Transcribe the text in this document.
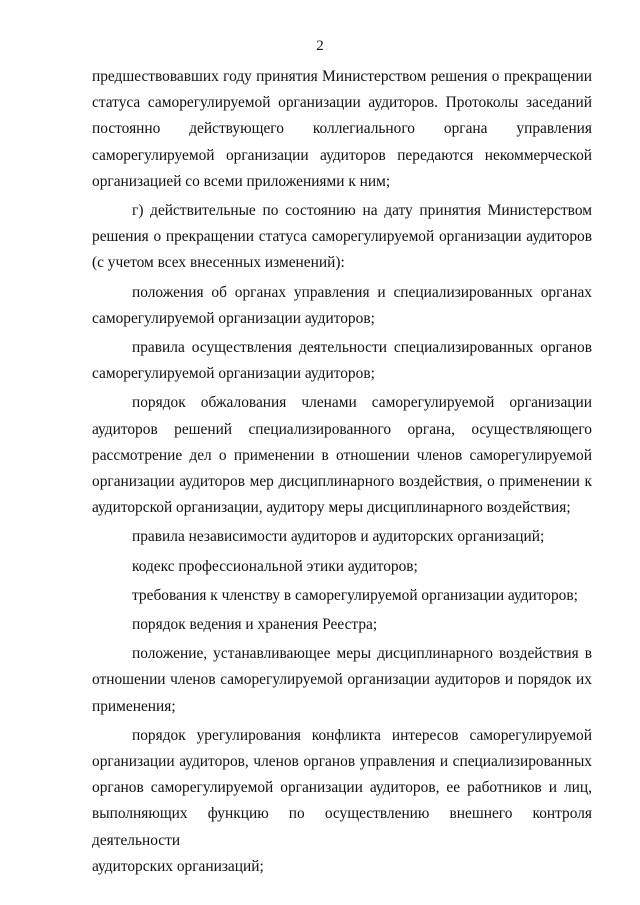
2

предшествовавших году принятия Министерством решения о прекращении

статуса саморегулируемой организации аудиторов. Протоколы заседаний

постоянно действующего коллегиального органа управления

саморегулируемой организации аудиторов передаются некоммерческой

организацией со всеми приложениями к ним;

г) действительные по состоянию на дату принятия Министерством

решения о прекращении статуса саморегулируемой организации аудиторов

(с учетом всех внесенных изменений):

положения об органах управления и специализированных органах

саморегулируемой организации аудиторов;

правила осуществления деятельности специализированных органов

саморегулируемой организации аудиторов;

порядок обжалования членами саморегулируемой организации

аудиторов решений специализированного органа, осуществляющего

рассмотрение дел о применении в отношении членов саморегулируемой

организации аудиторов мер дисциплинарного воздействия, о применении к

аудиторской организации, аудитору меры дисциплинарного воздействия;

правила независимости аудиторов и аудиторских организаций;

кодекс профессиональной этики аудиторов;

требования к членству в саморегулируемой организации аудиторов;

порядок ведения и хранения Реестра;

положение, устанавливающее меры дисциплинарного воздействия в

отношении членов саморегулируемой организации аудиторов и порядок их

применения;

порядок урегулирования конфликта интересов саморегулируемой

организации аудиторов, членов органов управления и специализированных

органов саморегулируемой организации аудиторов, ее работников и лиц,

выполняющих функцию по осуществлению внешнего контроля деятельности

аудиторских организаций;
